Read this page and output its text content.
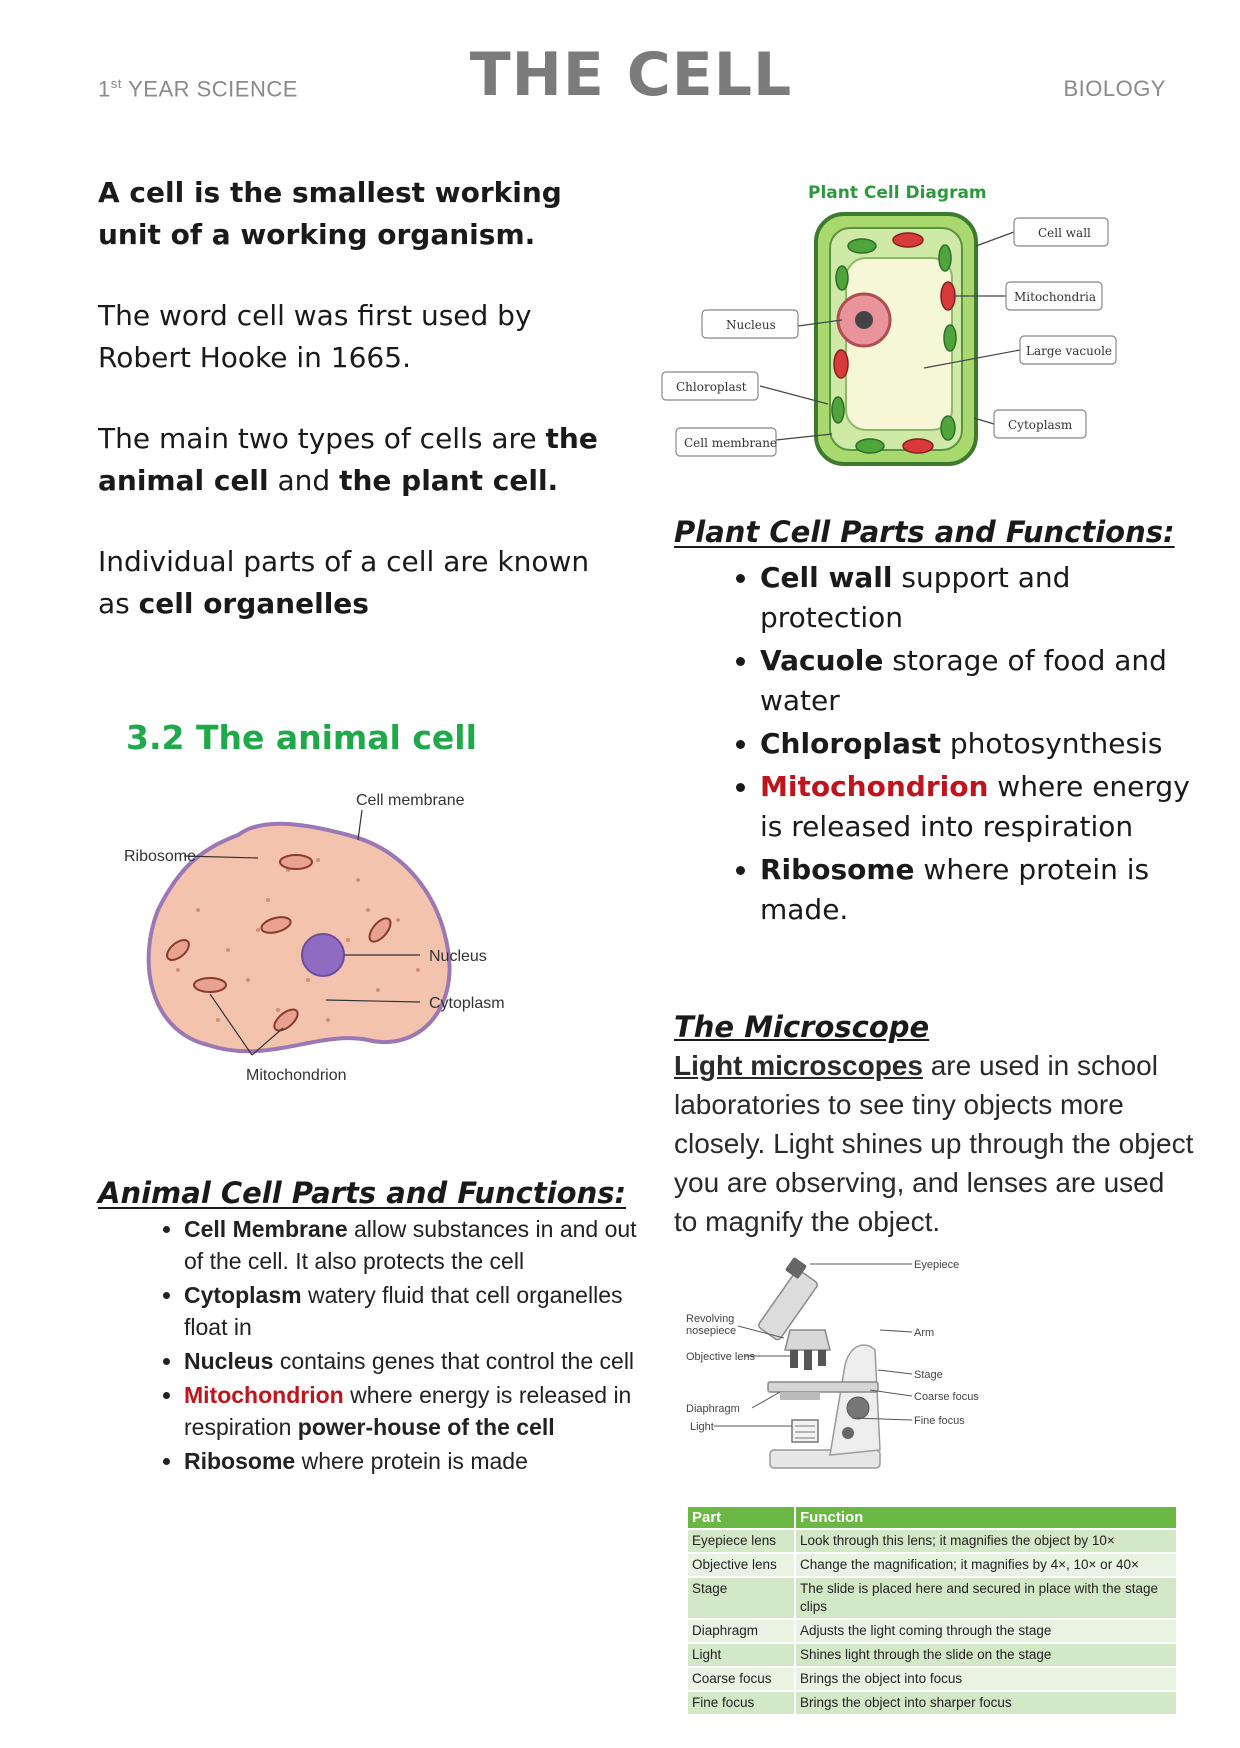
1st YEAR SCIENCE	THE CELL	BIOLOGY

A cell is the smallest working unit of a working organism.

The word cell was first used by Robert Hooke in 1665.

The main two types of cells are the animal cell and the plant cell.

Individual parts of a cell are known as cell organelles

3.2 The animal cell
Cell membrane
Ribosome
Nucleus
Cytoplasm
Mitochondrion
Animal Cell Parts and Functions:
• Cell Membrane allow substances in and out of the cell. It also protects the cell
• Cytoplasm watery fluid that cell organelles float in
• Nucleus contains genes that control the cell
• Mitochondrion where energy is released in respiration power-house of the cell
• Ribosome where protein is made
Plant Cell Diagram
Cell wall
Mitochondria
Large vacuole
Cytoplasm
Nucleus
Chloroplast
Cell membrane
Plant Cell Parts and Functions:
• Cell wall support and protection
• Vacuole storage of food and water
• Chloroplast photosynthesis
• Mitochondrion where energy is released into respiration
• Ribosome where protein is made.
The Microscope
Light microscopes are used in school laboratories to see tiny objects more closely. Light shines up through the object you are observing, and lenses are used to magnify the object.
Eyepiece
Revolving
nosepiece	Arm
Objective lens
Stage
Coarse focus
Diaphragm
Fine focus
Light
Part	Function
Eyepiece lens	Look through this lens; it magnifies the object by 10×
Objective lens	Change the magnification; it magnifies by 4×, 10× or 40×
Stage	The slide is placed here and secured in place with the stage clips
Diaphragm	Adjusts the light coming through the stage
Light	Shines light through the slide on the stage
Coarse focus	Brings the object into focus
Fine focus	Brings the object into sharper focus
